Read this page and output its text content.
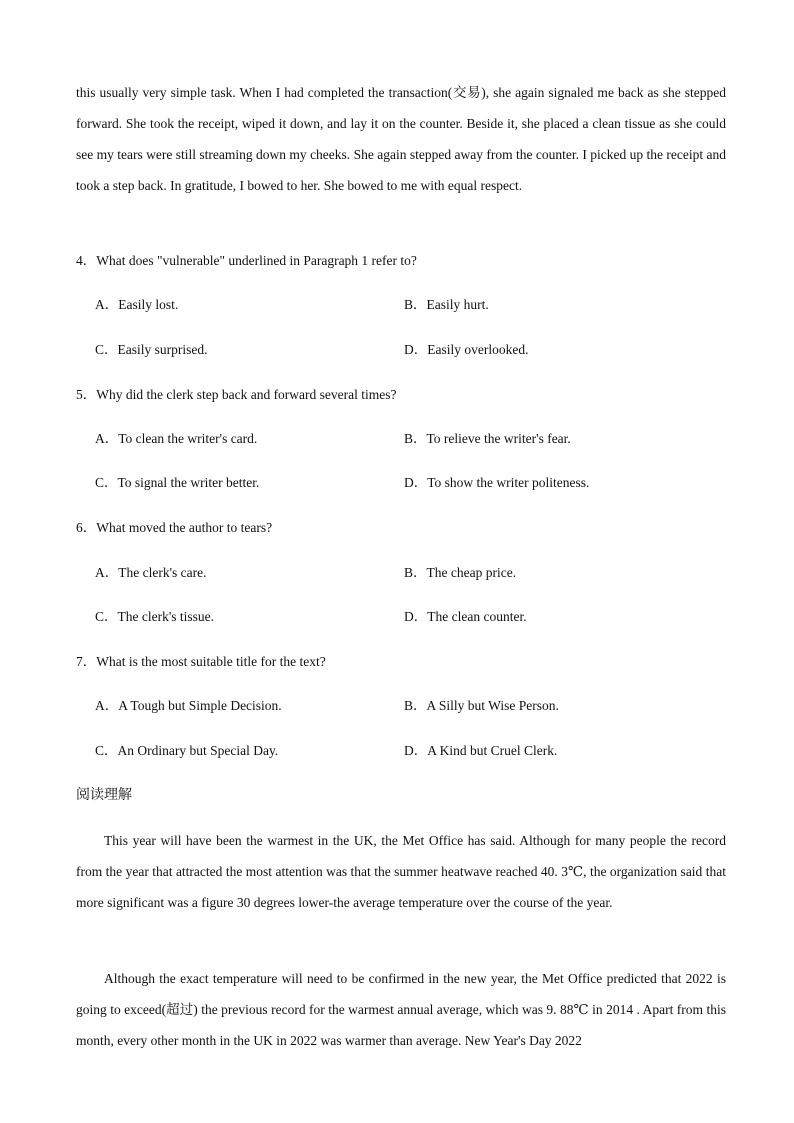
this usually very simple task. When I had completed the transaction(交易), she again signaled me back as she stepped forward. She took the receipt, wiped it down, and lay it on the counter. Beside it, she placed a clean tissue as she could see my tears were still streaming down my cheeks. She again stepped away from the counter. I picked up the receipt and took a step back. In gratitude, I bowed to her. She bowed to me with equal respect.

4．What does "vulnerable" underlined in Paragraph 1 refer to?

A．Easily lost.	B．Easily hurt.

C．Easily surprised.	D．Easily overlooked.

5．Why did the clerk step back and forward several times?

A．To clean the writer's card.	B．To relieve the writer's fear.

C．To signal the writer better.	D．To show the writer politeness.

6．What moved the author to tears?

A．The clerk's care.	B．The cheap price.

C．The clerk's tissue.	D．The clean counter.

7．What is the most suitable title for the text?

A．A Tough but Simple Decision.	B．A Silly but Wise Person.

C．An Ordinary but Special Day.	D．A Kind but Cruel Clerk.

阅读理解

This year will have been the warmest in the UK, the Met Office has said. Although for many people the record from the year that attracted the most attention was that the summer heatwave reached 40. 3℃, the organization said that more significant was a figure 30 degrees lower-the average temperature over the course of the year.

Although the exact temperature will need to be confirmed in the new year, the Met Office predicted that 2022 is going to exceed(超过) the previous record for the warmest annual average, which was 9. 88℃ in 2014 . Apart from this month, every other month in the UK in 2022 was warmer than average. New Year's Day 2022
